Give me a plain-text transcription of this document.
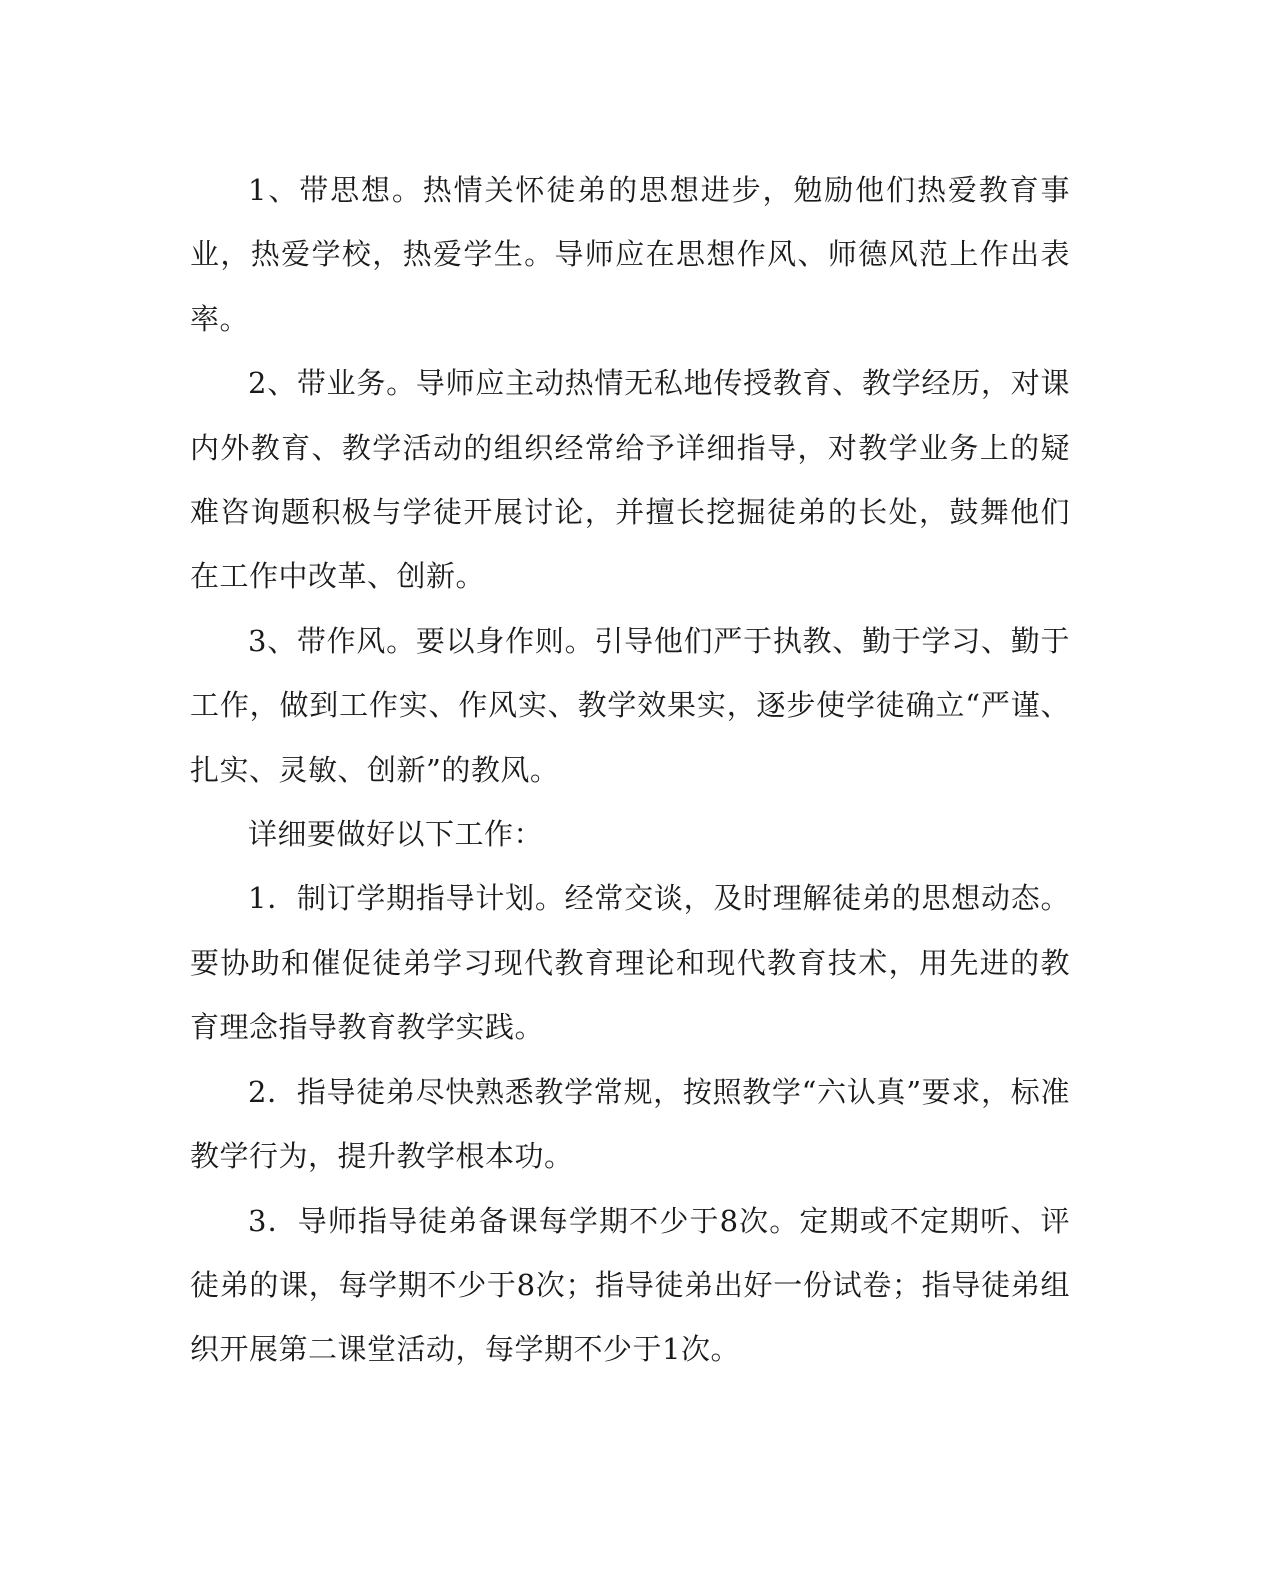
1、带思想。热情关怀徒弟的思想进步，勉励他们热爱教育事业，热爱学校，热爱学生。导师应在思想作风、师德风范上作出表率。

2、带业务。导师应主动热情无私地传授教育、教学经历，对课内外教育、教学活动的组织经常给予详细指导，对教学业务上的疑难咨询题积极与学徒开展讨论，并擅长挖掘徒弟的长处，鼓舞他们在工作中改革、创新。

3、带作风。要以身作则。引导他们严于执教、勤于学习、勤于工作，做到工作实、作风实、教学效果实，逐步使学徒确立“严谨、扎实、灵敏、创新”的教风。

详细要做好以下工作：

1．制订学期指导计划。经常交谈，及时理解徒弟的思想动态。要协助和催促徒弟学习现代教育理论和现代教育技术，用先进的教育理念指导教育教学实践。

2．指导徒弟尽快熟悉教学常规，按照教学“六认真”要求，标准教学行为，提升教学根本功。

3．导师指导徒弟备课每学期不少于8次。定期或不定期听、评徒弟的课，每学期不少于8次；指导徒弟出好一份试卷；指导徒弟组织开展第二课堂活动，每学期不少于1次。
